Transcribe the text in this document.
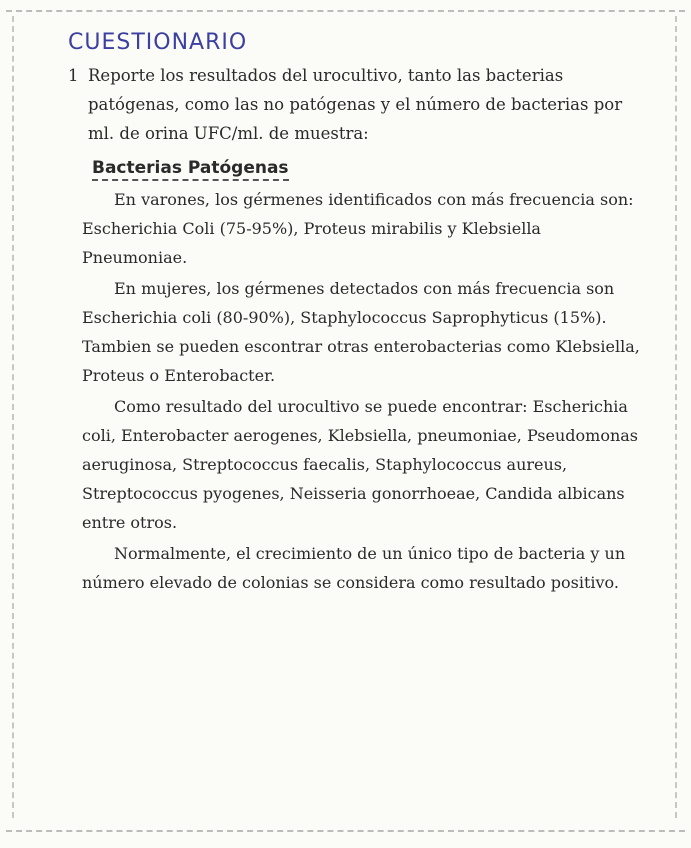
CUESTIONARIO
1 Reporte los resultados del urocultivo, tanto las bacterias patógenas, como las no patógenas y el número de bacterias por ml. de orina UFC/ml. de muestra:
Bacterias Patógenas

En varones, los gérmenes identificados con más frecuencia son: Escherichia Coli (75-95%), Proteus mirabilis y Klebsiella Pneumoniae.

En mujeres, los gérmenes detectados con más frecuencia son Escherichia coli (80-90%), Staphylococcus Saprophyticus (15%). Tambien se pueden escontrar otras enterobacterias como Klebsiella, Proteus o Enterobacter.

Como resultado del urocultivo se puede encontrar: Escherichia coli, Enterobacter aerogenes, Klebsiella, pneumoniae, Pseudomonas aeruginosa, Streptococcus faecalis, Staphylococcus aureus, Streptococcus pyogenes, Neisseria gonorrhoeae, Candida albicans entre otros.

Normalmente, el crecimiento de un único tipo de bacteria y un número elevado de colonias se considera como resultado positivo.
